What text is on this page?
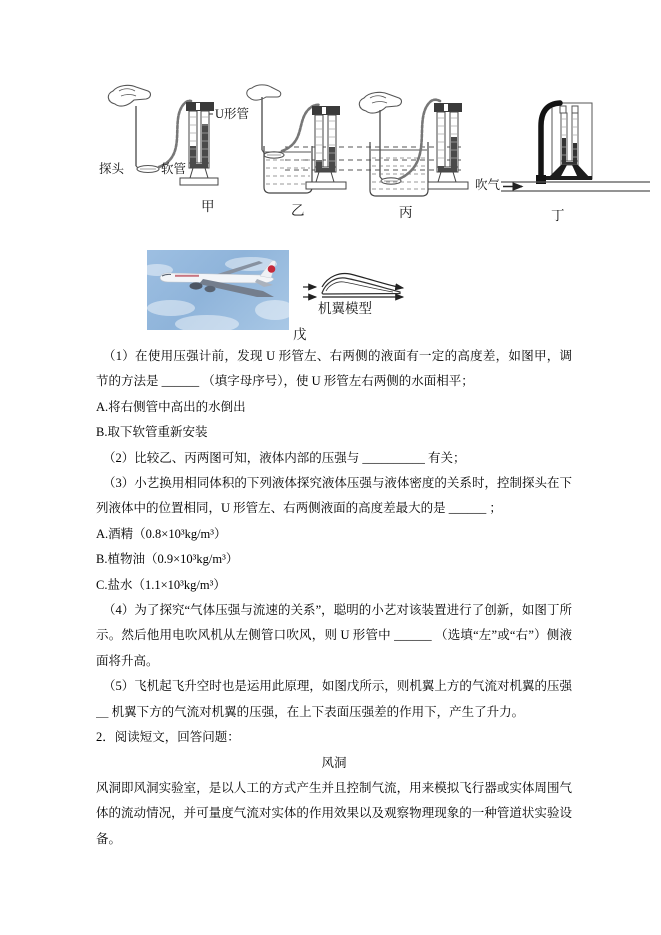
探头	软管
U形管
吹气
甲	乙	丙	丁
机翼模型
戊

（1）在使用压强计前，发现 U 形管左、右两侧的液面有一定的高度差，如图甲，调节的方法是 ______ （填字母序号），使 U 形管左右两侧的水面相平；

A.将右侧管中高出的水倒出

B.取下软管重新安装

（2）比较乙、丙两图可知，液体内部的压强与 __________ 有关；

（3）小艺换用相同体积的下列液体探究液体压强与液体密度的关系时，控制探头在下列液体中的位置相同，U 形管左、右两侧液面的高度差最大的是 ______ ；

A.酒精（0.8×10³kg/m³）

B.植物油（0.9×10³kg/m³）

C.盐水（1.1×10³kg/m³）

（4）为了探究“气体压强与流速的关系”，聪明的小艺对该装置进行了创新，如图丁所示。然后他用电吹风机从左侧管口吹风，则 U 形管中 ______ （选填“左”或“右”）侧液面将升高。

（5）飞机起飞升空时也是运用此原理，如图戊所示，则机翼上方的气流对机翼的压强 ＿ 机翼下方的气流对机翼的压强，在上下表面压强差的作用下，产生了升力。

2．阅读短文，回答问题：

风洞

风洞即风洞实验室，是以人工的方式产生并且控制气流，用来模拟飞行器或实体周围气体的流动情况，并可量度气流对实体的作用效果以及观察物理现象的一种管道状实验设备。
